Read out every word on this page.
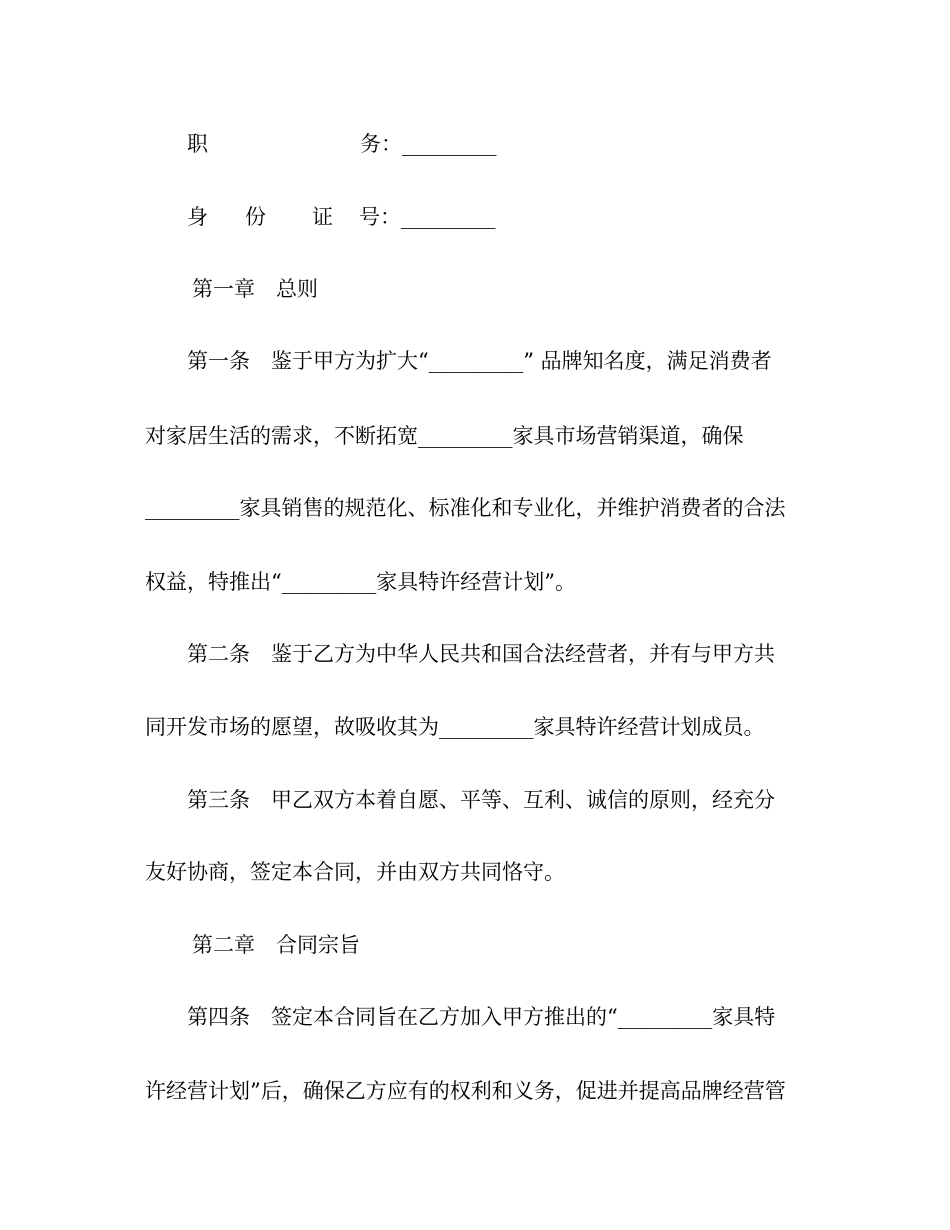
职	务：_________

身 份 证 号：_________

第一章　总则

第一条　鉴于甲方为扩大“_________” 品牌知名度，满足消费者

对家居生活的需求，不断拓宽_________家具市场营销渠道，确保

_________家具销售的规范化、标准化和专业化，并维护消费者的合法

权益，特推出“_________家具特许经营计划”。

第二条　鉴于乙方为中华人民共和国合法经营者，并有与甲方共

同开发市场的愿望，故吸收其为_________家具特许经营计划成员。

第三条　甲乙双方本着自愿、平等、互利、诚信的原则，经充分

友好协商，签定本合同，并由双方共同恪守。

第二章　合同宗旨

第四条　签定本合同旨在乙方加入甲方推出的“_________家具特

许经营计划”后，确保乙方应有的权利和义务，促进并提高品牌经营管
